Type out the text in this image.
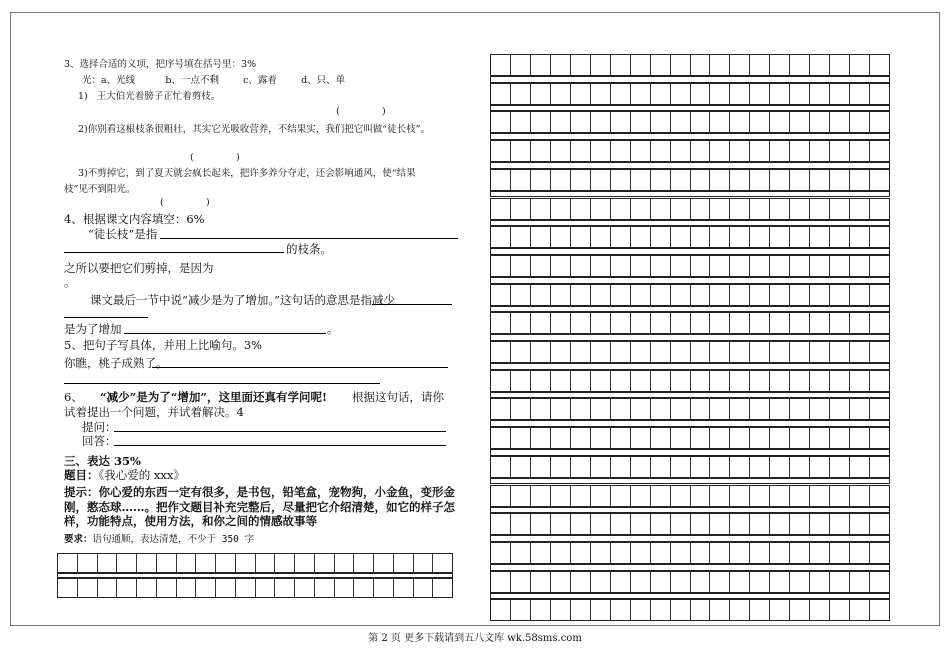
3、选择合适的义项，把序号填在括号里：3%
光：a、光线          b、一点不剩        c、露着        d、只、单
1)   王大伯光着膀子正忙着剪枝。
(              )
2)你别看这根枝条很粗壮，其实它光吸收营养，不结果实，我们把它叫做“徒长枝”。
(              )
3)不剪掉它，到了夏天就会疯长起来，把许多养分夺走，还会影响通风，使“结果
枝”见不到阳光。
(              )
4、根据课文内容填空：6%
“徒长枝”是指
的枝条。
之所以要把它们剪掉，是因为
。
课文最后一节中说“减少是为了增加。”这句话的意思是指减少
是为了增加	。
5、把句子写具体，并用上比喻句。3%
你瞧，桃子成熟了。
6、 “减少”是为了“增加”，这里面还真有学问呢! 根据这句话，请你
试着提出一个问题，并试着解决。4
提问：
回答：
三、表达 35%
题目：《我心爱的 xxx》
提示：你心爱的东西一定有很多，是书包，铅笔盒，宠物狗，小金鱼，变形金
刚，憨态球……。把作文题目补充完整后，尽量把它介绍清楚，如它的样子怎
样，功能特点，使用方法，和你之间的情感故事等
要求：语句通顺，表达清楚，不少于 350 字
第 2 页 更多下载请到五八文库 wk.58sms.com
